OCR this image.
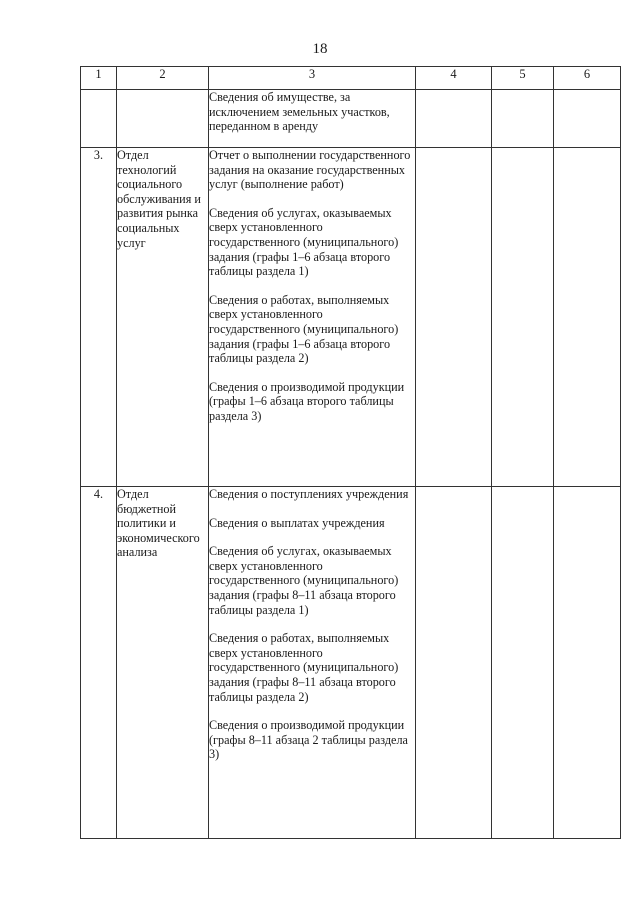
18
1	2	3	4	5	6

		Сведения об имуществе, за исключением земельных участков, переданном в аренду			

3.	Отдел технологий социального обслуживания и развития рынка социальных услуг	Отчет о выполнении государственного задания на оказание государственных услуг (выполнение работ)

Сведения об услугах, оказываемых сверх установленного государственного (муниципального) задания (графы 1–6 абзаца второго таблицы раздела 1)

Сведения о работах, выполняемых сверх установленного государственного (муниципального) задания (графы 1–6 абзаца второго таблицы раздела 2)

Сведения о производимой продукции (графы 1–6 абзаца второго таблицы раздела 3)			

4.	Отдел бюджетной политики и экономического анализа	Сведения о поступлениях учреждения

Сведения о выплатах учреждения

Сведения об услугах, оказываемых сверх установленного государственного (муниципального) задания (графы 8–11 абзаца второго таблицы раздела 1)

Сведения о работах, выполняемых сверх установленного государственного (муниципального) задания (графы 8–11 абзаца второго таблицы раздела 2)

Сведения о производимой продукции (графы 8–11 абзаца 2 таблицы раздела 3)			
